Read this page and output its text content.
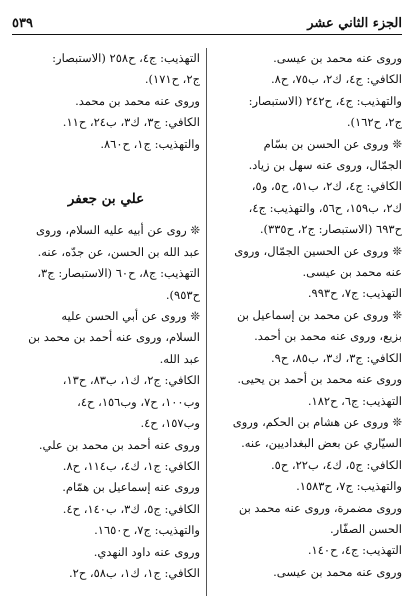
الجزء الثاني عشر
٥٣٩

وروى عنه محمد بن عيسى.

الكافي: ج٤، ك٢، ب٧٥، ح٨.

والتهذيب: ج٤، ح٢٤٢ (الاستبصار:

ج٢، ح١٦٢).

❊ وروى عن الحسن بن بسّام

الجمّال، وروى عنه سهل بن زياد.

الكافي: ج٤، ك٢، ب٥١، ح٥، و٥،

ك٢، ب١٥٩، ح٥٦، والتهذيب: ج٤،

ح٦٩٣ (الاستبصار: ج٢، ح٣٣٥).

❊ وروى عن الحسين الجمّال، وروى

عنه محمد بن عيسى.

التهذيب: ج٧، ح٩٩٣.

❊ وروى عن محمد بن إسماعيل بن

بزيع، وروى عنه محمد بن أحمد.

الكافي: ج٣، ك٣، ب٨٥، ح٩.

وروى عنه محمد بن أحمد بن يحيى.

التهذيب: ج٦، ح١٨٢.

❊ وروى عن هشام بن الحكم، وروى

السيّاري عن بعض البغداديين، عنه.

الكافي: ج٥، ك٤، ب٢٢، ح٥.

والتهذيب: ج٧، ح١٥٨٣.

وروى مضمرة، وروى عنه محمد بن

الحسن الصفّار.

التهذيب: ج٤، ح١٤٠.

وروى عنه محمد بن عيسى.

التهذيب: ج٤، ح٢٥٨ (الاستبصار:

ج٢، ح١٧١).

وروى عنه محمد بن محمد.

الكافي: ج٣، ك٣، ب٢٤، ح١١.

والتهذيب: ج١، ح٨٦٠.

علي بن جعفر

❊ روى عن أبيه عليه السلام، وروى

عبد الله بن الحسن، عن جدّه، عنه.

التهذيب: ج٨، ح٦٠ (الاستبصار: ج٣،

ح٩٥٣).

❊ وروى عن أبي الحسن عليه

السلام، وروى عنه أحمد بن محمد بن

عبد الله.

الكافي: ج٢، ك١، ب٨٣، ح١٣،

وب١٠٠، ح٧، وب١٥٦، ح٤،

وب١٥٧، ح٤.

وروى عنه أحمد بن محمد بن علي.

الكافي: ج١، ك٤، ب١١٤، ح٨.

وروى عنه إسماعيل بن همّام.

الكافي: ج٥، ك٣، ب١٤٠، ح٤.

والتهذيب: ج٧، ح١٦٥٠.

وروى عنه داود النهدي.

الكافي: ج١، ك١، ب٥٨، ح٢.
